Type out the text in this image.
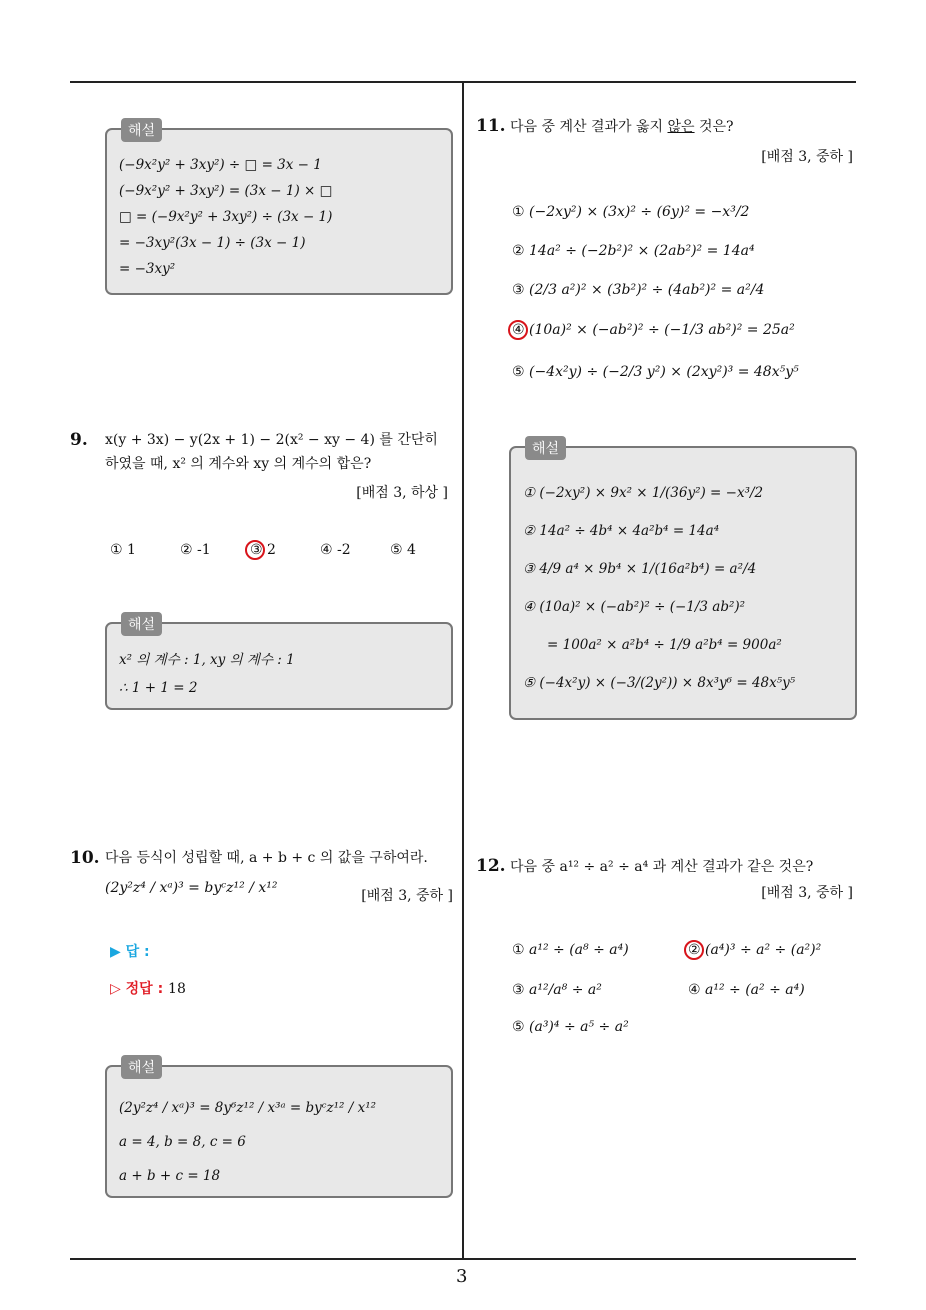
해설
(−9x²y² + 3xy²) ÷ □ = 3x − 1
(−9x²y² + 3xy²) = (3x − 1) × □
□ = (−9x²y² + 3xy²) ÷ (3x − 1)
= −3xy²(3x − 1) ÷ (3x − 1)
= −3xy²
9. x(y + 3x) − y(2x + 1) − 2(x² − xy − 4) 를 간단히
하였을 때, x² 의 계수와 xy 의 계수의 합은?
[배점 3, 하상 ]
① 1	② -1	③ 2	④ -2	⑤ 4
해설
x² 의 계수 : 1, xy 의 계수 : 1
∴ 1 + 1 = 2
10. 다음 등식이 성립할 때, a + b + c 의 값을 구하여라.
(2y²z⁴ / xᵃ)³ = byᶜz¹² / x¹²	[배점 3, 중하 ]
▶ 답 :
▷ 정답 : 18
해설
(2y²z⁴ / xᵃ)³ = 8y⁶z¹² / x³ᵃ = byᶜz¹² / x¹²
a = 4, b = 8, c = 6
a + b + c = 18
11. 다음 중 계산 결과가 옳지 않은 것은?
[배점 3, 중하 ]
① (−2xy²) × (3x)² ÷ (6y)² = −x³/2
② 14a² ÷ (−2b²)² × (2ab²)² = 14a⁴
③ (2/3 a²)² × (3b²)² ÷ (4ab²)² = a²/4
④ (10a)² × (−ab²)² ÷ (−1/3 ab²)² = 25a²
⑤ (−4x²y) ÷ (−2/3 y²) × (2xy²)³ = 48x⁵y⁵
해설
① (−2xy²) × 9x² × 1/(36y²) = −x³/2
② 14a² ÷ 4b⁴ × 4a²b⁴ = 14a⁴
③ 4/9 a⁴ × 9b⁴ × 1/(16a²b⁴) = a²/4
④ (10a)² × (−ab²)² ÷ (−1/3 ab²)²
= 100a² × a²b⁴ ÷ 1/9 a²b⁴ = 900a²
⑤ (−4x²y) × (−3/(2y²)) × 8x³y⁶ = 48x⁵y⁵
12. 다음 중 a¹² ÷ a² ÷ a⁴ 과 계산 결과가 같은 것은?
[배점 3, 중하 ]
① a¹² ÷ (a⁸ ÷ a⁴)	② (a⁴)³ ÷ a² ÷ (a²)²
③ a¹²/a⁸ ÷ a²	④ a¹² ÷ (a² ÷ a⁴)
⑤ (a³)⁴ ÷ a⁵ ÷ a²
3
